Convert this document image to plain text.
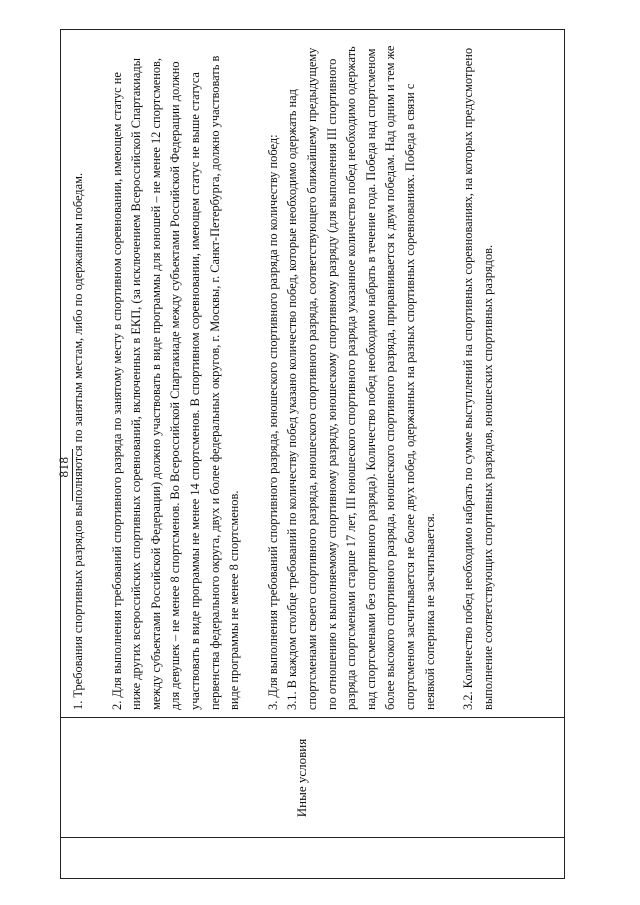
818
Иные условия

1. Требования спортивных разрядов выполняются по занятым местам, либо по одержанным победам. 2. Для выполнения требований спортивного разряда по занятому месту в спортивном соревновании, имеющем статус не ниже других всероссийских спортивных соревнований, включенных в ЕКП, (за исключением Всероссийской Спартакиады между субъектами Российской Федерации) должно участвовать в виде программы для юношей – не менее 12 спортсменов, для девушек – не менее 8 спортсменов. Во Всероссийской Спартакиаде между субъектами Российской Федерации должно участвовать в виде программы не менее 14 спортсменов. В спортивном соревновании, имеющем статус не выше статуса первенства федерального округа, двух и более федеральных округов, г. Москвы, г. Санкт-Петербурга, должно участвовать в виде программы не менее 8 спортсменов. 3. Для выполнения требований спортивного разряда, юношеского спортивного разряда по количеству побед: 3.1. В каждом столбце требований по количеству побед указано количество побед, которые необходимо одержать над спортсменами своего спортивного разряда, юношеского спортивного разряда, соответствующего ближайшему предыдущему по отношению к выполняемому спортивному разряду, юношескому спортивному разряду (для выполнения III спортивного разряда спортсменами старше 17 лет, III юношеского спортивного разряда указанное количество побед необходимо одержать над спортсменами без спортивного разряда). Количество побед необходимо набрать в течение года. Победа над спортсменом более высокого спортивного разряда, юношеского спортивного разряда, приравнивается к двум победам. Над одним и тем же спортсменом засчитывается не более двух побед, одержанных на разных спортивных соревнованиях. Победа в связи с неявкой соперника не засчитывается. 3.2. Количество побед необходимо набрать по сумме выступлений на спортивных соревнованиях, на которых предусмотрено выполнение соответствующих спортивных разрядов, юношеских спортивных разрядов.
